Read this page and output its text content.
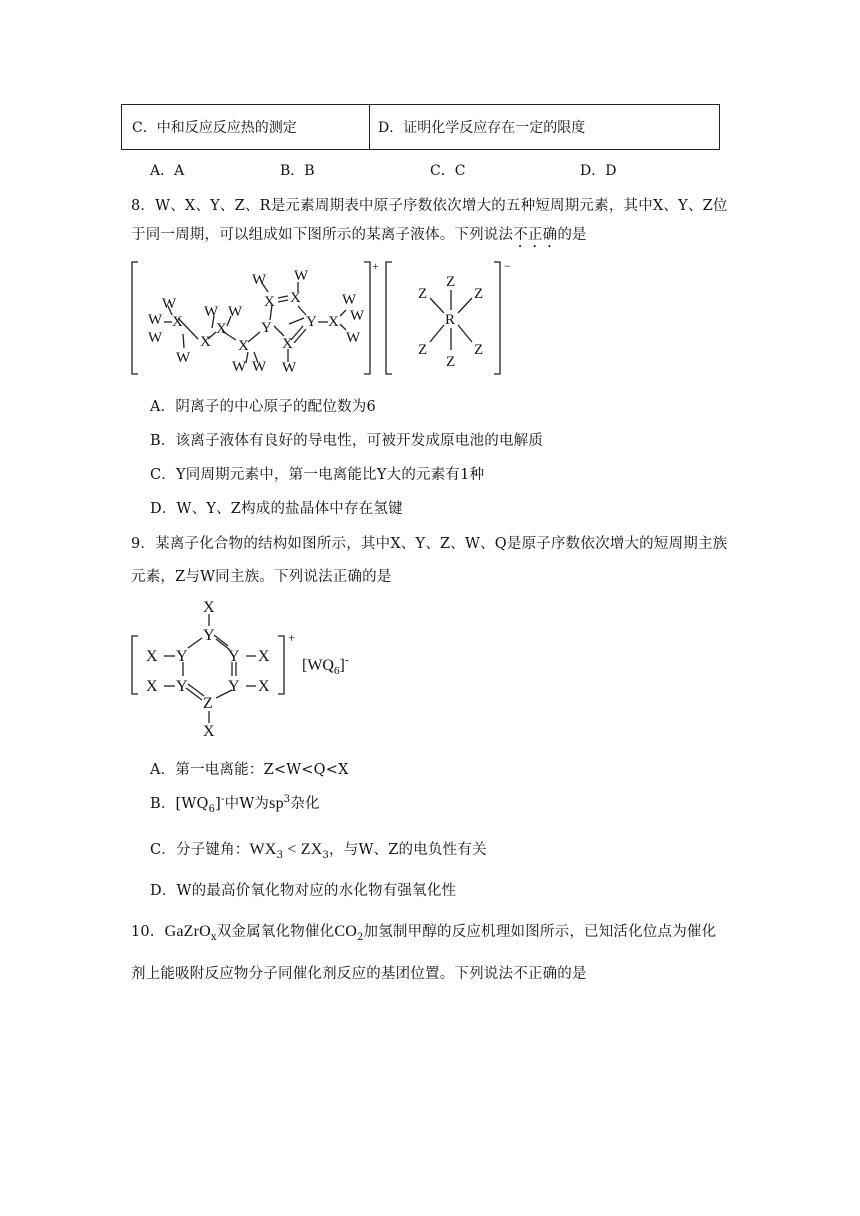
C．中和反应反应热的测定	D．证明化学反应存在一定的限度
A．A	B．B	C．C	D．D
8．W、X、Y、Z、R是元素周期表中原子序数依次增大的五种短周期元素，其中X、Y、Z位
于同一周期，可以组成如下图所示的某离子液体。下列说法不正确的是
X
W
W
W	X
W
X
W W
X
W W
Y
X
W
X
W
Y
X
W
X
W
W
W
+
R
Z
Z
Z	Z
Z	Z
−
A．阴离子的中心原子的配位数为6
B．该离子液体有良好的导电性，可被开发成原电池的电解质
C．Y同周期元素中，第一电离能比Y大的元素有1种
D．W、Y、Z构成的盐晶体中存在氢键
9．某离子化合物的结构如图所示，其中X、Y、Z、W、Q是原子序数依次增大的短周期主族
元素，Z与W同主族。下列说法正确的是
X
Y
X Y	Y X
X Y	Y X
Z
X
+
$[WQ_6]^-$
A．第一电离能：Z<W<Q<X
B．$[WQ_6]^-$中W为$sp^3$杂化
C．分子键角：$WX_3 < ZX_3$，与W、Z的电负性有关
D．W的最高价氧化物对应的水化物有强氧化性
10．GaZrO$_x$双金属氧化物催化$CO_2$加氢制甲醇的反应机理如图所示，已知活化位点为催化
剂上能吸附反应物分子同催化剂反应的基团位置。下列说法不正确的是
